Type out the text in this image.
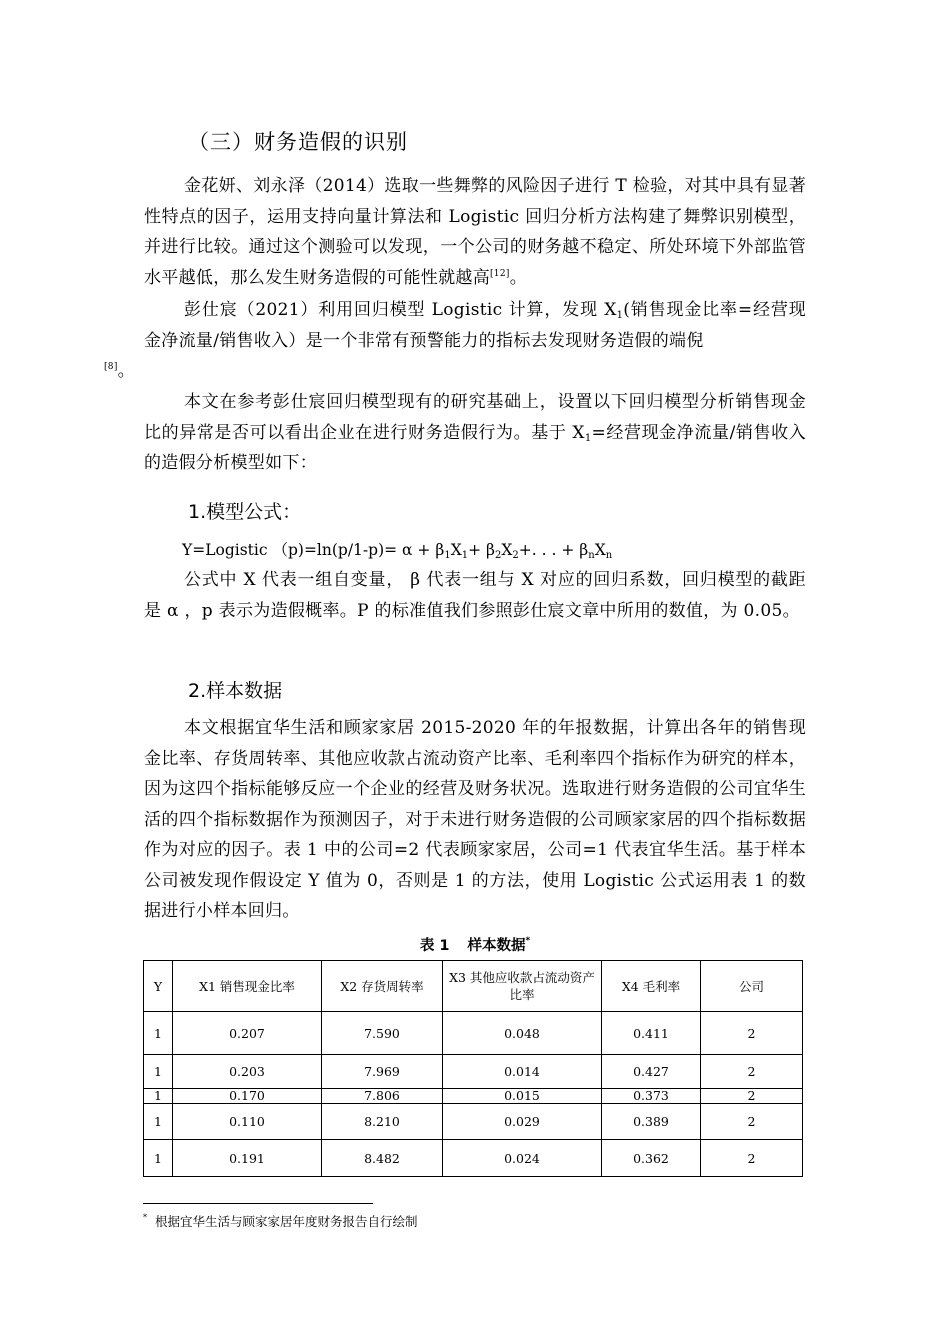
（三）财务造假的识别

金花妍、刘永泽（2014）选取一些舞弊的风险因子进行 T 检验，对其中具有显著性特点的因子，运用支持向量计算法和 Logistic 回归分析方法构建了舞弊识别模型，并进行比较。通过这个测验可以发现，一个公司的财务越不稳定、所处环境下外部监管水平越低，那么发生财务造假的可能性就越高[12]。

彭仕宸（2021）利用回归模型 Logistic 计算，发现 $X_1$(销售现金比率=经营现金净流量/销售收入）是一个非常有预警能力的指标去发现财务造假的端倪
[8]。

本文在参考彭仕宸回归模型现有的研究基础上，设置以下回归模型分析销售现金比的异常是否可以看出企业在进行财务造假行为。基于 $X_1=$经营现金净流量/销售收入的造假分析模型如下：

1.模型公式：
Y=Logistic $(p)=\ln(p/1-p)= \alpha + \beta_1X_1+ \beta_2X_2+$. . . + $\beta_nX_n$

公式中 X 代表一组自变量， β 代表一组与 X 对应的回归系数，回归模型的截距是 α ，p 表示为造假概率。P 的标准值我们参照彭仕宸文章中所用的数值，为 0.05。

2.样本数据

本文根据宜华生活和顾家家居 2015-2020 年的年报数据，计算出各年的销售现金比率、存货周转率、其他应收款占流动资产比率、毛利率四个指标作为研究的样本，因为这四个指标能够反应一个企业的经营及财务状况。选取进行财务造假的公司宜华生活的四个指标数据作为预测因子，对于未进行财务造假的公司顾家家居的四个指标数据作为对应的因子。表 1 中的公司=2 代表顾家家居，公司=1 代表宜华生活。基于样本公司被发现作假设定 Y 值为 0，否则是 1 的方法，使用 Logistic 公式运用表 1 的数据进行小样本回归。

表 1 样本数据*
Y	X1 销售现金比率	X2 存货周转率	X3 其他应收款占流动资产比率	X4 毛利率	公司
1	0.207	7.590	0.048	0.411	2
1	0.203	7.969	0.014	0.427	2
1	0.170	7.806	0.015	0.373	2
1	0.110	8.210	0.029	0.389	2
1	0.191	8.482	0.024	0.362	2
* 根据宜华生活与顾家家居年度财务报告自行绘制
